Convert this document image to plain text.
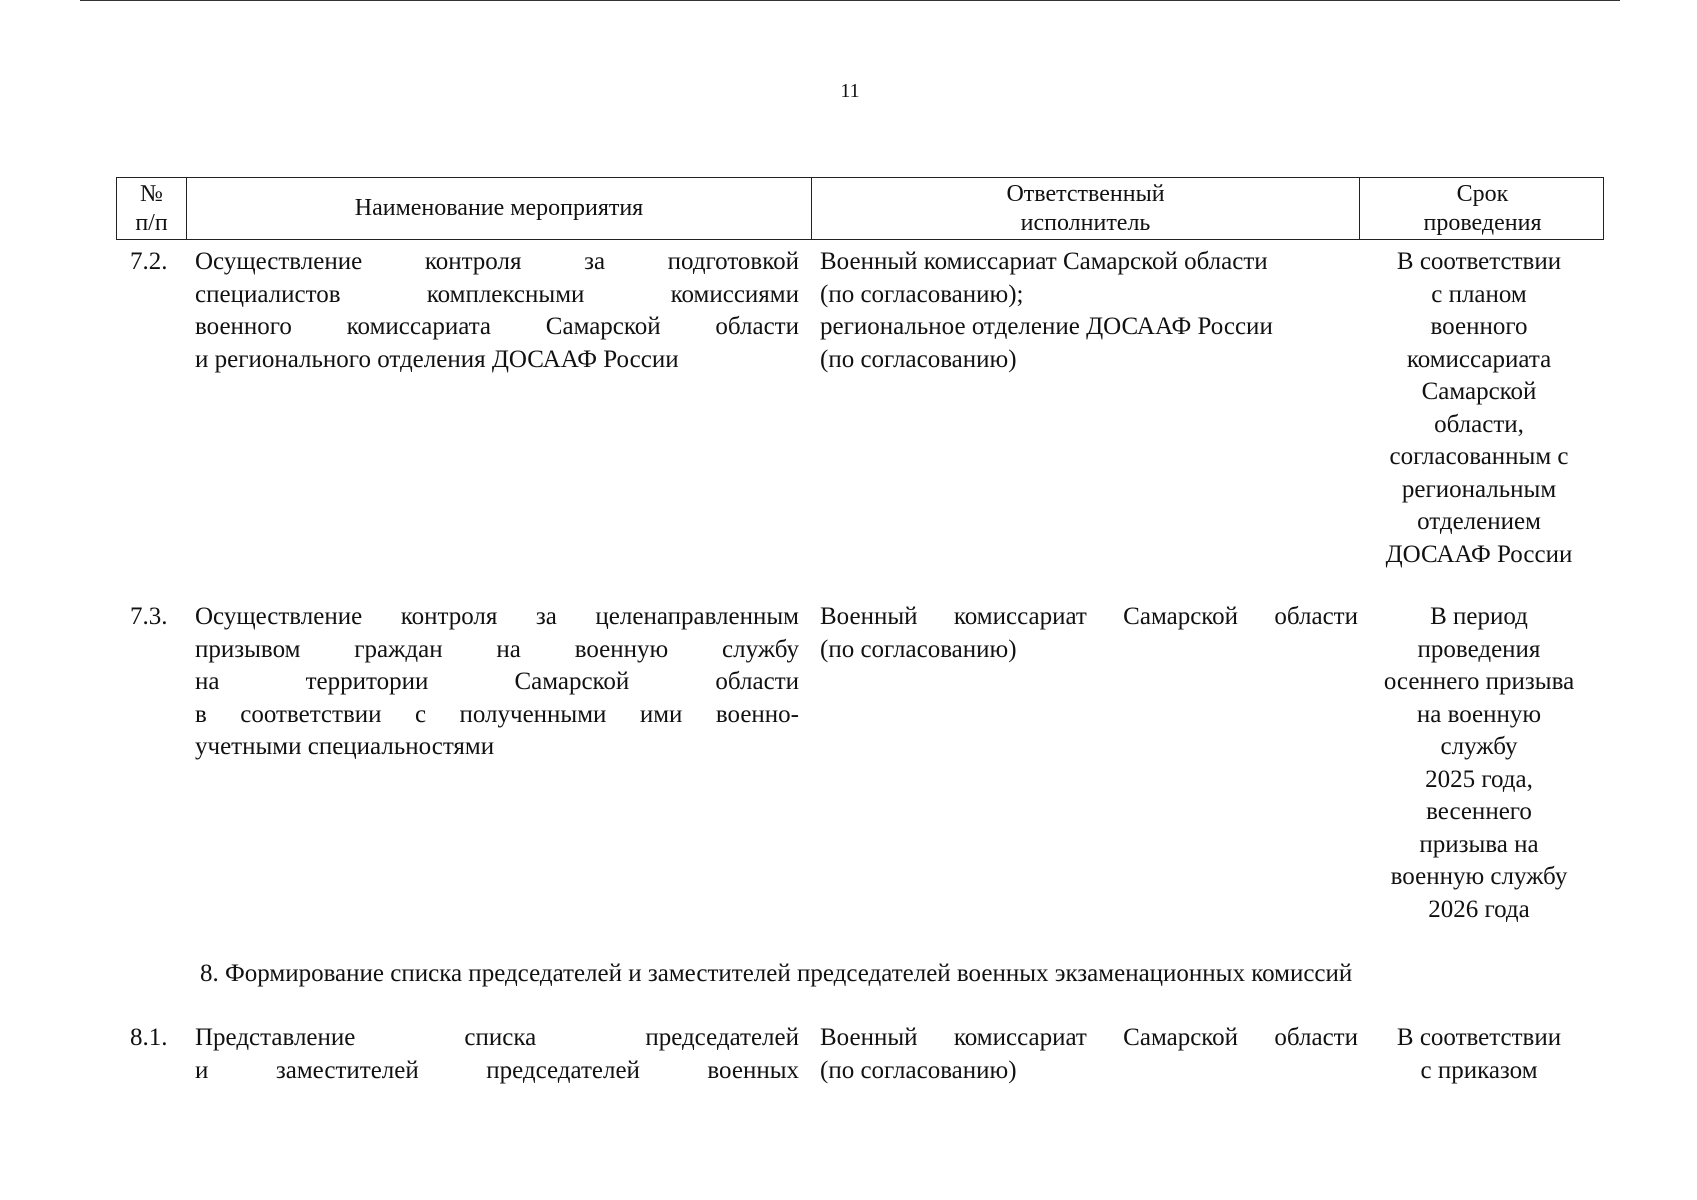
11
№
п/п
Наименование мероприятия
Ответственный
исполнитель
Срок
проведения
7.2. Осуществление контроля за подготовкой
специалистов комплексными комиссиями
военного комиссариата Самарской области
и регионального отделения ДОСААФ России
Военный комиссариат Самарской области
(по согласованию);
региональное отделение ДОСААФ России
(по согласованию)
В соответствии
с планом
военного
комиссариата
Самарской
области,
согласованным с
региональным
отделением
ДОСААФ России
7.3. Осуществление контроля за целенаправленным
призывом граждан на военную службу
на территории Самарской области
в соответствии с полученными ими военно-
учетными специальностями
Военный комиссариат Самарской области
(по согласованию)
В период
проведения
осеннего призыва
на военную
службу
2025 года,
весеннего
призыва на
военную службу
2026 года
8. Формирование списка председателей и заместителей председателей военных экзаменационных комиссий
8.1. Представление списка председателей
и заместителей председателей военных
Военный комиссариат Самарской области
(по согласованию)
В соответствии
с приказом
